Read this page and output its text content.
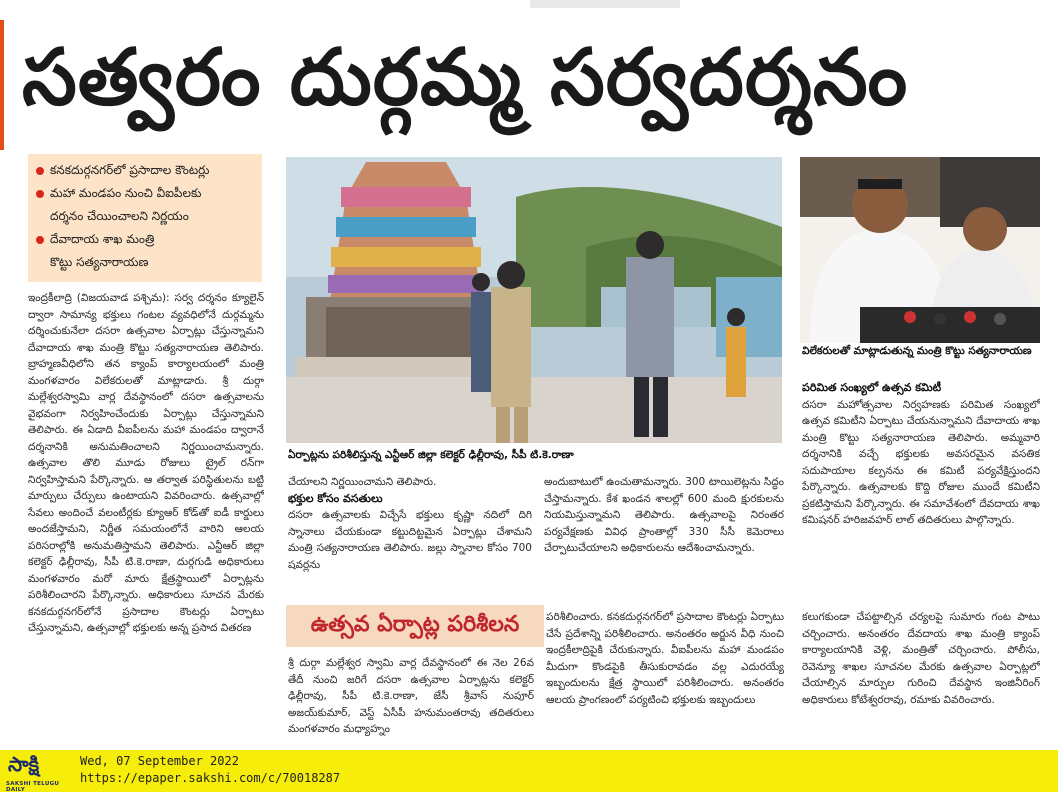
సత్వరం దుర్గమ్మ సర్వదర్శనం
కనకదుర్గనగర్‌లో ప్రసాదాల కౌంటర్లు
మహా మండపం నుంచి వీఐపీలకు
దర్శనం చేయించాలని నిర్ణయం
దేవాదాయ శాఖ మంత్రి
కొట్టు సత్యనారాయణ

ఇంద్రకీలాద్రి (విజయవాడ పశ్చిమ): సర్వ దర్శనం క్యూలైన్‌ ద్వారా సామాన్య భక్తులు గంటల వ్యవధిలోనే దుర్గమ్మను దర్శించుకునేలా దసరా ఉత్సవాల ఏర్పాట్లు చేస్తున్నామని దేవాదాయ శాఖ మంత్రి కొట్టు సత్యనారాయణ తెలిపారు. బ్రాహ్మణవీధిలోని తన క్యాంప్‌ కార్యాలయంలో మంత్రి మంగళవారం విలేకరులతో మాట్లాడారు. శ్రీ దుర్గా మల్లేశ్వరస్వామి వార్ల దేవస్థానంలో దసరా ఉత్సవాలను వైభవంగా నిర్వహించేందుకు ఏర్పాట్లు చేస్తున్నామని తెలిపారు. ఈ ఏడాది వీఐపీలను మహా మండపం ద్వారానే దర్శనానికి అనుమతించాలని నిర్ణయించామన్నారు. ఉత్సవాల తొలి మూడు రోజులు ట్రైల్‌ రన్‌గా నిర్వహిస్తామని పేర్కొన్నారు. ఆ తర్వాత పరిస్థితులను బట్టి మార్పులు చేర్పులు ఉంటాయని వివరించారు. ఉత్సవాల్లో సేవలు అందించే వలంటీర్లకు క్యూఆర్‌ కోడ్‌తో ఐడీ కార్డులు అందజేస్తామని, నిర్ణీత సమయంలోనే వారిని ఆలయ పరిసరాల్లోకి అనుమతిస్తామని తెలిపారు. ఎన్టీఆర్‌ జిల్లా కలెక్టర్‌ ఢిల్లీరావు, సీపీ టి.కె.రాణా, దుర్గగుడి అధికారులు మంగళవారం మరో మారు క్షేత్రస్థాయిలో ఏర్పాట్లను పరిశీలించారని పేర్కొన్నారు. అధికారులు సూచన మేరకు కనకదుర్గనగర్‌లోనే ప్రసాదాల కౌంటర్లు ఏర్పాటు చేస్తున్నామని, ఉత్సవాల్లో భక్తులకు అన్న ప్రసాద వితరణ

ఏర్పాట్లను పరిశీలిస్తున్న ఎన్టీఆర్‌ జిల్లా కలెక్టర్‌ ఢిల్లీరావు, సీపీ టి.కె.రాణా
విలేకరులతో మాట్లాడుతున్న మంత్రి కొట్టు సత్యనారాయణ

చేయాలని నిర్ణయించామని తెలిపారు.

భక్తుల కోసం వసతులు

దసరా ఉత్సవాలకు విచ్చేసే భక్తులు కృష్ణా నదిలో దిగి స్నానాలు చేయకుండా కట్టుదిట్టమైన ఏర్పాట్లు చేశామని మంత్రి సత్యనారాయణ తెలిపారు. జల్లు స్నానాల కోసం 700 షవర్లను

అందుబాటులో ఉంచుతామన్నారు. 300 టాయిలెట్లను సిద్ధం చేస్తామన్నారు. కేశ ఖండన శాలల్లో 600 మంది క్షురకులను నియమిస్తున్నామని తెలిపారు. ఉత్సవాలపై నిరంతర పర్యవేక్షణకు వివిధ ప్రాంతాల్లో 330 సీసీ కెమెరాలు చేర్పాటుచేయాలని అధికారులను ఆదేశించామన్నారు.

పరిమిత సంఖ్యలో ఉత్సవ కమిటీ

దసరా మహోత్సవాల నిర్వహణకు పరిమిత సంఖ్యలో ఉత్సవ కమిటీని ఏర్పాటు చేయనున్నామని దేవాదాయ శాఖ మంత్రి కొట్టు సత్యనారాయణ తెలిపారు. అమ్మవారి దర్శనానికి వచ్చే భక్తులకు అవసరమైన వసతిక సదుపాయాల కల్పనను ఈ కమిటీ పర్యవేక్షిస్తుందని పేర్కొన్నారు. ఉత్సవాలకు కొద్ది రోజుల ముందే కమిటీని ప్రకటిస్తామని పేర్కొన్నారు. ఈ సమావేశంలో దేవదాయ శాఖ కమిషనర్‌ హరిజవహర్‌ లాల్‌ తదితరులు పాల్గొన్నారు.

ఉత్సవ ఏర్పాట్ల పరిశీలన

శ్రీ దుర్గా మల్లేశ్వర స్వామి వార్ల దేవస్థానంలో ఈ నెల 26వ తేదీ నుంచి జరిగే దసరా ఉత్సవాల ఏర్పాట్లను కలెక్టర్‌ ఢిల్లీరావు, సీపీ టి.కె.రాణా, జేసీ శ్రీవాస్‌ నుపూర్‌ అజయ్‌కుమార్‌, వెస్ట్‌ ఏసీపీ హనుమంతరావు తదితరులు మంగళవారం మధ్యాహ్నం

పరిశీలించారు. కనకదుర్గనగర్‌లో ప్రసాదాల కౌంటర్లు ఏర్పాటు చేసే ప్రదేశాన్ని పరిశీలించారు. అనంతరం అర్జున వీధి నుంచి ఇంద్రకీలాద్రిపైకి చేరుకున్నారు. వీఐపీలను మహా మండపం మీదుగా కొండపైకి తీసుకురావడం వల్ల ఎదురయ్యే ఇబ్బందులను క్షేత్ర స్థాయిలో పరిశీలించారు. అనంతరం ఆలయ ప్రాంగణంలో పర్యటించి భక్తులకు ఇబ్బందులు

కలుగకుండా చేపట్టాల్సిన చర్యలపై సుమారు గంట పాటు చర్చించారు. అనంతరం దేవదాయ శాఖ మంత్రి క్యాంప్‌ కార్యాలయానికి వెళ్లి, మంత్రితో చర్చించారు. పోలీసు, రెవెన్యూ శాఖల సూచనల మేరకు ఉత్సవాల ఏర్పాట్లలో చేయాల్సిన మార్పుల గురించి దేవస్థాన ఇంజినీరింగ్‌ అధికారులు కోటేశ్వరరావు, రమాకు వివరించారు.

సాక్షి
SAKSHI TELUGU DAILY
Wed, 07 September 2022
https://epaper.sakshi.com/c/70018287
